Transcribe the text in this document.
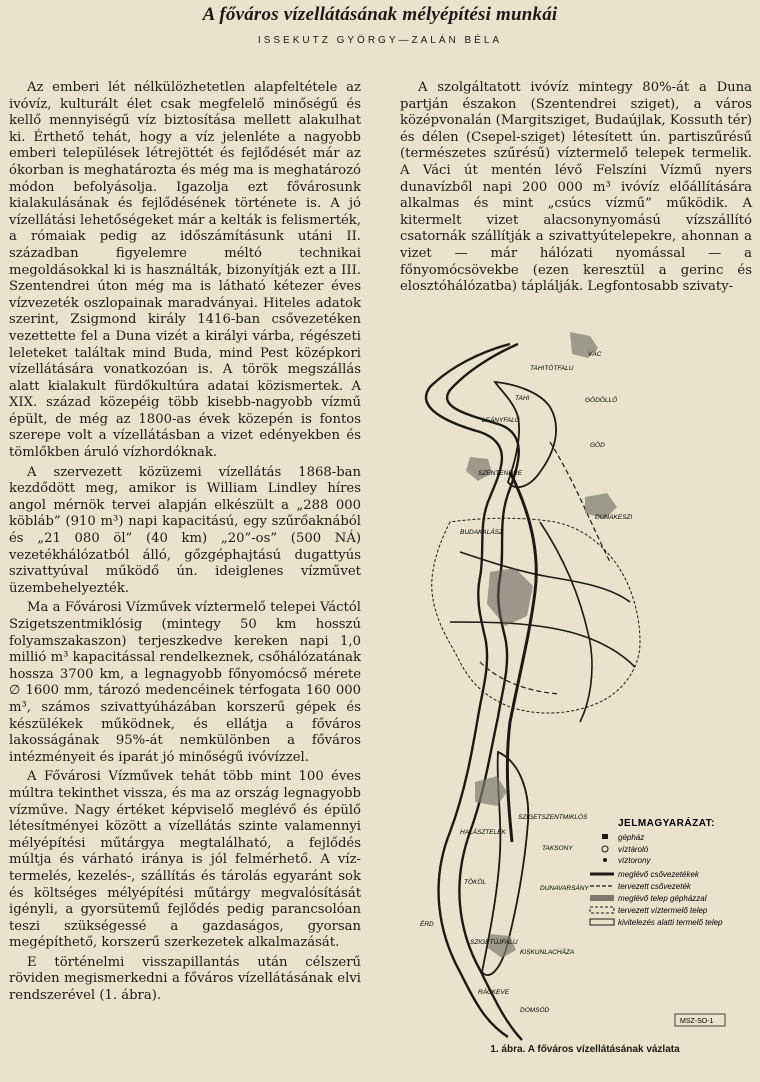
A főváros vízellátásának mélyépítési munkái
ISSEKUTZ GYÖRGY—ZALÁN BÉLA

Az emberi lét nélkülözhetetlen alapfeltétele az ivóvíz, kulturált élet csak megfelelő minőségű és kellő mennyiségű víz biztosítása mellett alakulhat ki. Érthető tehát, hogy a víz jelenléte a nagyobb emberi települések létrejöttét és fejlődését már az ókorban is meghatározta és még ma is meghatározó módon befolyásolja. Igazolja ezt fővárosunk kialakulásának és fejlődésének története is. A jó vízellátási lehetőségeket már a kelták is felismerték, a rómaiak pedig az időszámításunk utáni II. században figyelemre méltó technikai megoldásokkal ki is használták, bizonyítják ezt a III. Szentendrei úton még ma is látható kétezer éves vízvezeték oszlopainak maradványai. Hiteles adatok szerint, Zsigmond király 1416-ban csővezetéken vezettette fel a Duna vizét a királyi várba, régészeti leleteket találtak mind Buda, mind Pest középkori vízellátására vonatkozóan is. A török megszállás alatt kialakult fürdőkultúra adatai közismertek. A XIX. század közepéig több kisebb-nagyobb vízmű épült, de még az 1800-as évek közepén is fontos szerepe volt a vízellátásban a vizet edényekben és tömlőkben áruló vízhordóknak.

A szervezett közüzemi vízellátás 1868-ban kezdődött meg, amikor is William Lindley híres angol mérnök tervei alapján elkészült a „288 000 köbláb” (910 m³) napi kapacitású, egy szűrőaknából és „21 080 öl” (40 km) „20”-os” (500 NÁ) vezetékhálózatból álló, gőzgéphajtású dugattyús szivattyúval működő ún. ideiglenes vízművet üzembehelyezték.

Ma a Fővárosi Vízművek víztermelő telepei Váctól Szigetszentmiklósig (mintegy 50 km hosszú folyamszakaszon) terjeszkedve kereken napi 1,0 millió m³ kapacitással rendelkeznek, csőhálózatának hossza 3700 km, a legnagyobb főnyomócső mérete ∅ 1600 mm, tározó medencéinek térfogata 160 000 m³, számos szivattyúházában korszerű gépek és készülékek működnek, és ellátja a főváros lakosságának 95%-át nemkülönben a főváros intézményeit és iparát jó minőségű ivóvízzel.

A Fővárosi Vízművek tehát több mint 100 éves múltra tekinthet vissza, és ma az ország legnagyobb vízműve. Nagy értéket képviselő meglévő és épülő létesítményei között a vízellátás szinte valamennyi mélyépítési műtárgya megtalálható, a fejlődés múltja és várható iránya is jól felmérhető. A víz-termelés, kezelés-, szállítás és tárolás egyaránt sok és költséges mélyépítési műtárgy megvalósítását igényli, a gyorsütemű fejlődés pedig parancsolóan teszi szükségessé a gazdaságos, gyorsan megépíthető, korszerű szerkezetek alkalmazását.

E történelmi visszapillantás után célszerű röviden megismerkedni a főváros vízellátásának elvi rendszerével (1. ábra).

A szolgáltatott ivóvíz mintegy 80%-át a Duna partján északon (Szentendrei sziget), a város középvonalán (Margitsziget, Budaújlak, Kossuth tér) és délen (Csepel-sziget) létesített ún. partiszűrésű (természetes szűrésű) víztermelő telepek termelik. A Váci út mentén lévő Felszíni Vízmű nyers dunavízből napi 200 000 m³ ivóvíz előállítására alkalmas és mint „csúcs vízmű” működik. A kitermelt vizet alacsonynyomású vízszállító csatornák szállítják a szivattyútelepekre, ahonnan a vizet — már hálózati nyomással — a főnyomócsövekbe (ezen keresztül a gerinc és elosztóhálózatba) táplálják. Legfontosabb szivaty-

VÁC
TAHITÓTFALU
TAHI
LEÁNYFALU
GÖDÖLLŐ
GÖD
SZENTENDRE
DUNAKESZI
BUDAKALÁSZ
HALÁSZTELEK
SZIGETSZENTMIKLÓS
TAKSONY
TÖKÖL
DUNAVARSÁNY
ÉRD
SZIGETÚJFALU
KISKUNLACHÁZA
RÁCKEVE
DOMSÓD
JELMAGYARÁZAT:
gépház
víztároló
víztorony
meglévő csővezetékek
tervezett csővezeték
meglévő telep gépházzal
tervezett víztermelő telep
kivitelezés alatti termelő telep
MSZ-SO-1
1. ábra. A főváros vízellátásának vázlata
